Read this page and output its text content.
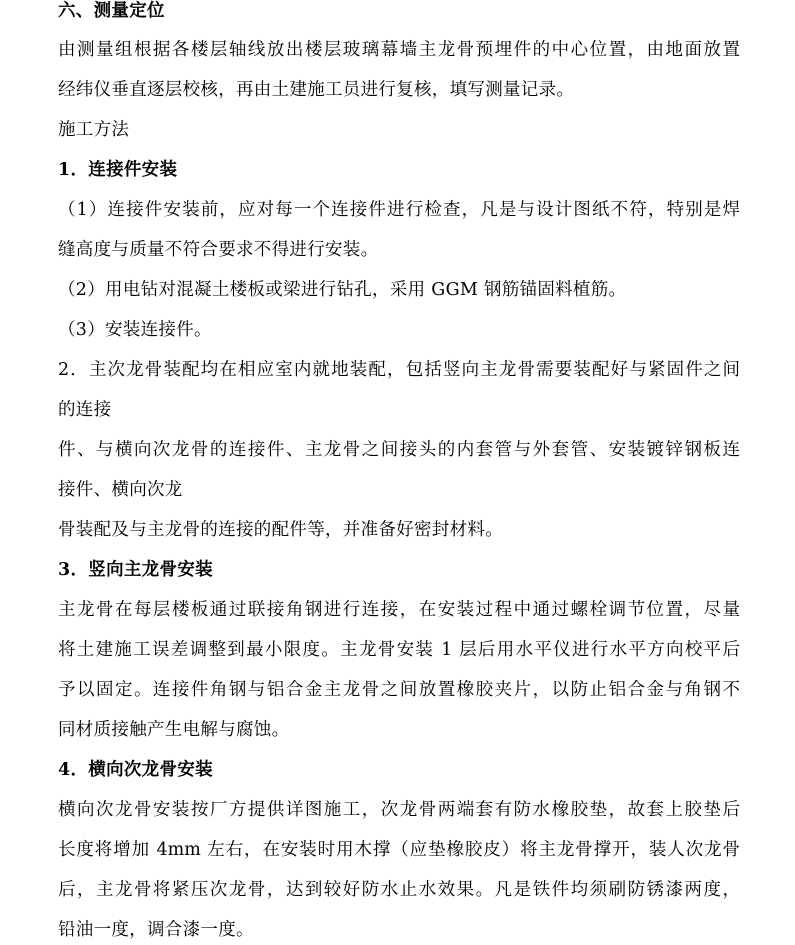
六、测量定位
由测量组根据各楼层轴线放出楼层玻璃幕墙主龙骨预埋件的中心位置，由地面放置
经纬仪垂直逐层校核，再由土建施工员进行复核，填写测量记录。
施工方法
1．连接件安装
（1）连接件安装前，应对每一个连接件进行检查，凡是与设计图纸不符，特别是焊
缝高度与质量不符合要求不得进行安装。
（2）用电钻对混凝土楼板或梁进行钻孔，采用 GGM 钢筋锚固料植筋。
（3）安装连接件。
2．主次龙骨装配均在相应室内就地装配，包括竖向主龙骨需要装配好与紧固件之间
的连接
件、与横向次龙骨的连接件、主龙骨之间接头的内套管与外套管、安装镀锌钢板连
接件、横向次龙
骨装配及与主龙骨的连接的配件等，并准备好密封材料。
3．竖向主龙骨安装
主龙骨在每层楼板通过联接角钢进行连接，在安装过程中通过螺栓调节位置，尽量
将土建施工误差调整到最小限度。主龙骨安装 1 层后用水平仪进行水平方向校平后
予以固定。连接件角钢与铝合金主龙骨之间放置橡胶夹片，以防止铝合金与角钢不
同材质接触产生电解与腐蚀。
4．横向次龙骨安装
横向次龙骨安装按厂方提供详图施工，次龙骨两端套有防水橡胶垫，故套上胶垫后
长度将增加 4mm 左右，在安装时用木撑（应垫橡胶皮）将主龙骨撑开，装人次龙骨
后，主龙骨将紧压次龙骨，达到较好防水止水效果。凡是铁件均须刷防锈漆两度，
铅油一度，调合漆一度。
